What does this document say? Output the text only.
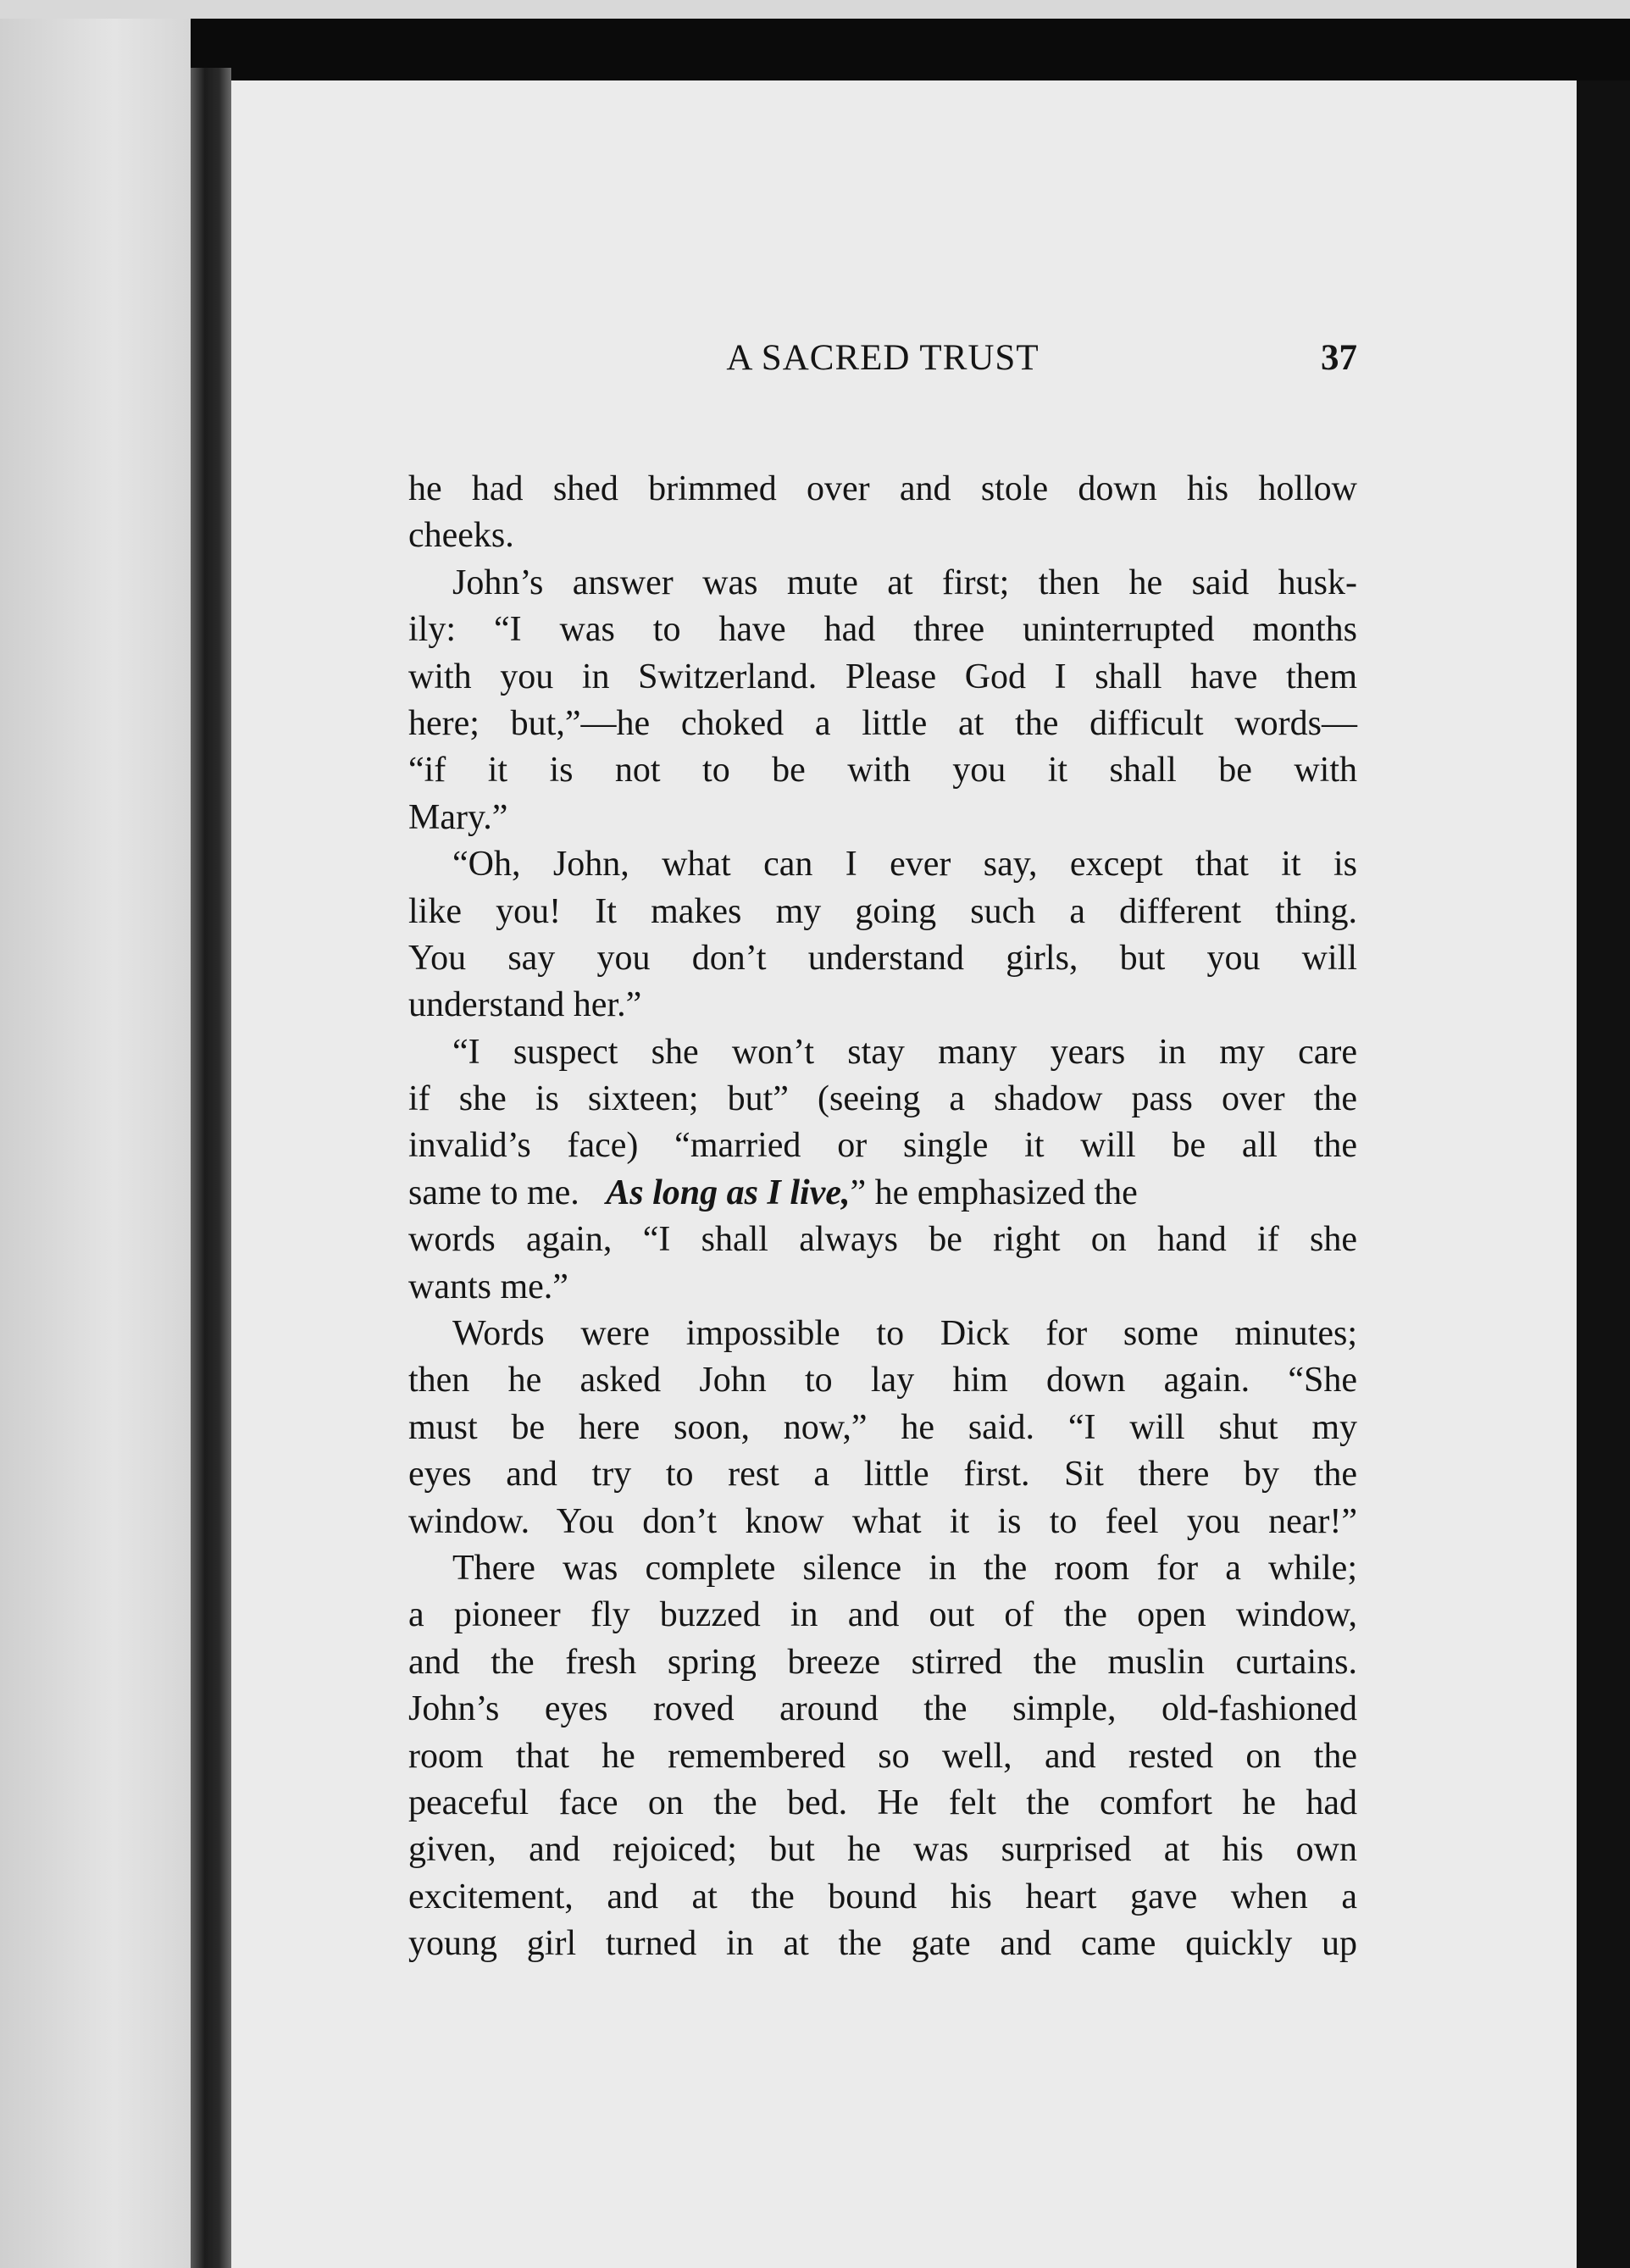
A SACRED TRUST	37
he had shed brimmed over and stole down his hollow
cheeks.
John’s answer was mute at first; then he said husk-
ily: “I was to have had three uninterrupted months
with you in Switzerland. Please God I shall have them
here; but,”—he choked a little at the difficult words—
“if it is not to be with you it shall be with
Mary.”
“Oh, John, what can I ever say, except that it is
like you! It makes my going such a different thing.
You say you don’t understand girls, but you will
understand her.”
“I suspect she won’t stay many years in my care
if she is sixteen; but” (seeing a shadow pass over the
invalid’s face) “married or single it will be all the
same to me. As long as I live,” he emphasized the
words again, “I shall always be right on hand if she
wants me.”
Words were impossible to Dick for some minutes;
then he asked John to lay him down again. “She
must be here soon, now,” he said. “I will shut my
eyes and try to rest a little first. Sit there by the
window. You don’t know what it is to feel you near!”
There was complete silence in the room for a while;
a pioneer fly buzzed in and out of the open window,
and the fresh spring breeze stirred the muslin curtains.
John’s eyes roved around the simple, old-fashioned
room that he remembered so well, and rested on the
peaceful face on the bed. He felt the comfort he had
given, and rejoiced; but he was surprised at his own
excitement, and at the bound his heart gave when a
young girl turned in at the gate and came quickly up
